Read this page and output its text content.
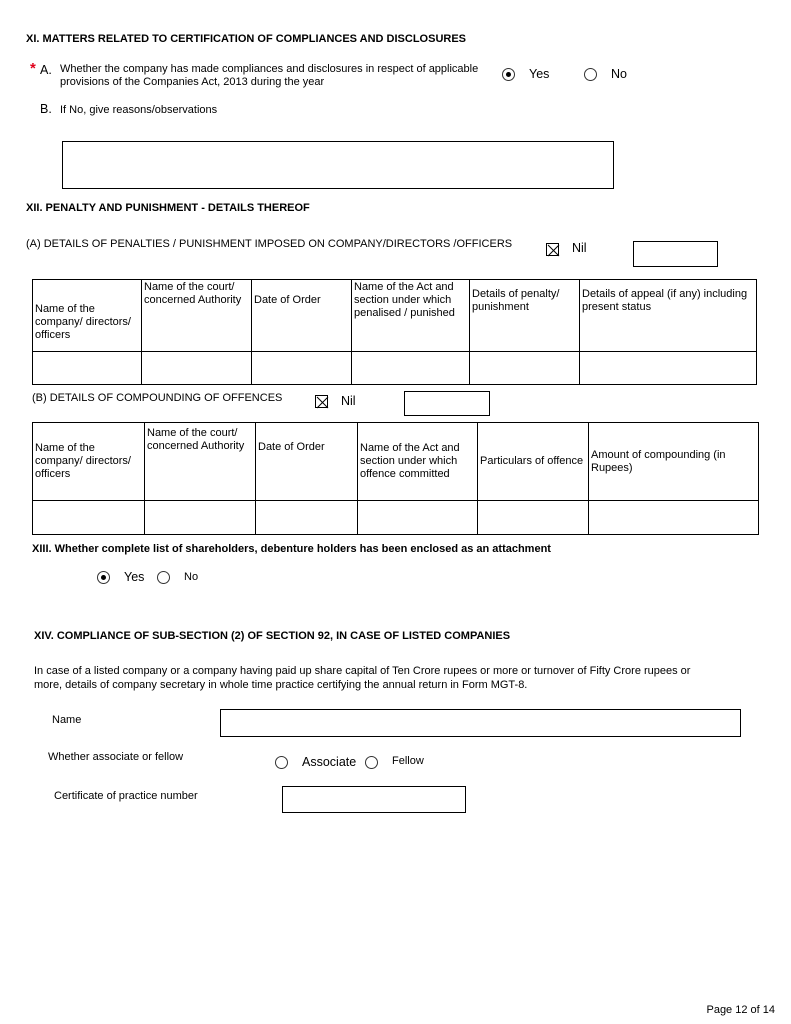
XI. MATTERS RELATED TO CERTIFICATION OF COMPLIANCES AND DISCLOSURES
* A. Whether the company has made compliances and disclosures in respect of applicable
provisions of the Companies Act, 2013 during the year
Yes	No
B. If No, give reasons/observations
XII. PENALTY AND PUNISHMENT - DETAILS THEREOF
(A) DETAILS OF PENALTIES / PUNISHMENT IMPOSED ON COMPANY/DIRECTORS /OFFICERS	Nil
Name of the company/ directors/ officers	Name of the court/ concerned Authority	Date of Order	Name of the Act and section under which penalised / punished	Details of penalty/ punishment	Details of appeal (if any) including present status

(B) DETAILS OF COMPOUNDING OF OFFENCES	Nil
Name of the company/ directors/ officers	Name of the court/ concerned Authority	Date of Order	Name of the Act and section under which offence committed	Particulars of offence	Amount of compounding (in Rupees)

XIII. Whether complete list of shareholders, debenture holders has been enclosed as an attachment
Yes	No
XIV. COMPLIANCE OF SUB-SECTION (2) OF SECTION 92, IN CASE OF LISTED COMPANIES
In case of a listed company or a company having paid up share capital of Ten Crore rupees or more or turnover of Fifty Crore rupees or
more, details of company secretary in whole time practice certifying the annual return in Form MGT-8.
Name
Whether associate or fellow	Associate	Fellow
Certificate of practice number
Page 12 of 14
